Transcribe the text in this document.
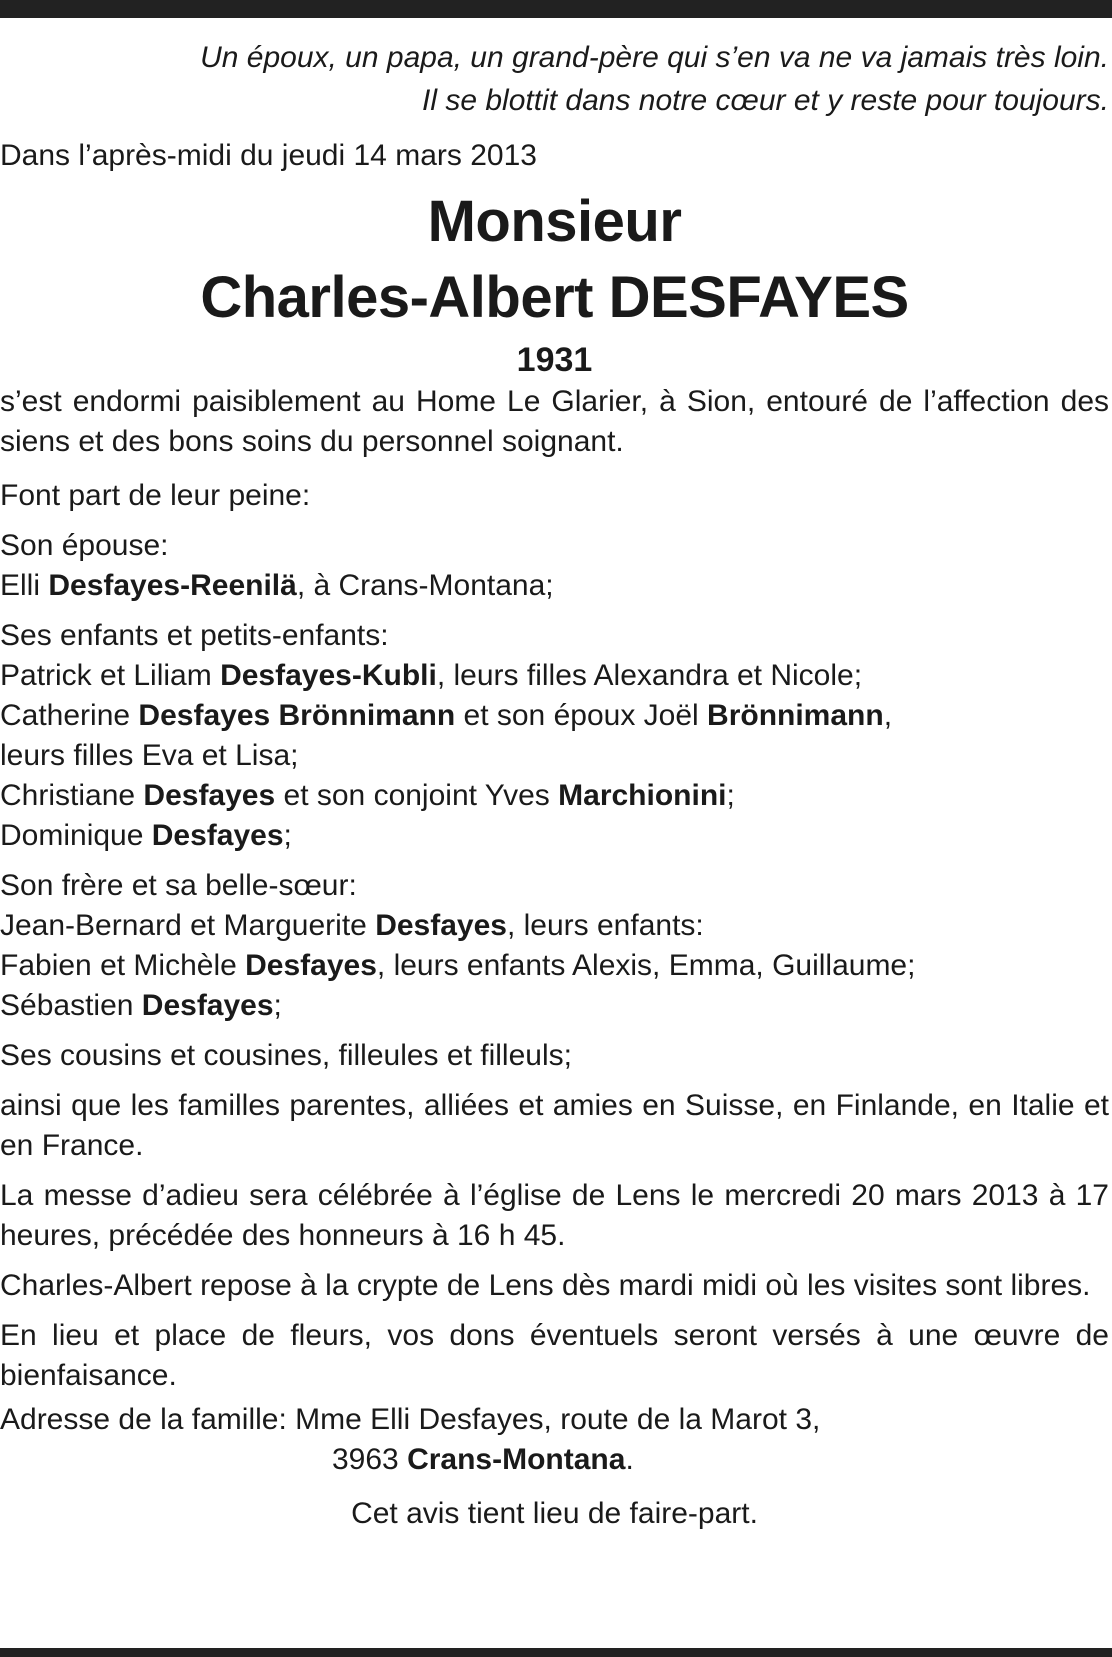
Un époux, un papa, un grand-père qui s’en va ne va jamais très loin.
Il se blottit dans notre cœur et y reste pour toujours.

Dans l’après-midi du jeudi 14 mars 2013

Monsieur
Charles-Albert DESFAYES
1931

s’est endormi paisiblement au Home Le Glarier, à Sion, entouré de l’affection des siens et des bons soins du personnel soignant.

Font part de leur peine:

Son épouse:

Elli Desfayes-Reenilä, à Crans-Montana;

Ses enfants et petits-enfants:

Patrick et Liliam Desfayes-Kubli, leurs filles Alexandra et Nicole;

Catherine Desfayes Brönnimann et son époux Joël Brönnimann,

leurs filles Eva et Lisa;

Christiane Desfayes et son conjoint Yves Marchionini;

Dominique Desfayes;

Son frère et sa belle-sœur:

Jean-Bernard et Marguerite Desfayes, leurs enfants:

Fabien et Michèle Desfayes, leurs enfants Alexis, Emma, Guillaume;

Sébastien Desfayes;

Ses cousins et cousines, filleules et filleuls;

ainsi que les familles parentes, alliées et amies en Suisse, en Finlande, en Italie et en France.

La messe d’adieu sera célébrée à l’église de Lens le mercredi 20 mars 2013 à 17 heures, précédée des honneurs à 16 h 45.

Charles-Albert repose à la crypte de Lens dès mardi midi où les visites sont libres.

En lieu et place de fleurs, vos dons éventuels seront versés à une œuvre de bienfaisance.

Adresse de la famille: Mme Elli Desfayes, route de la Marot 3,

3963 Crans-Montana.

Cet avis tient lieu de faire-part.
